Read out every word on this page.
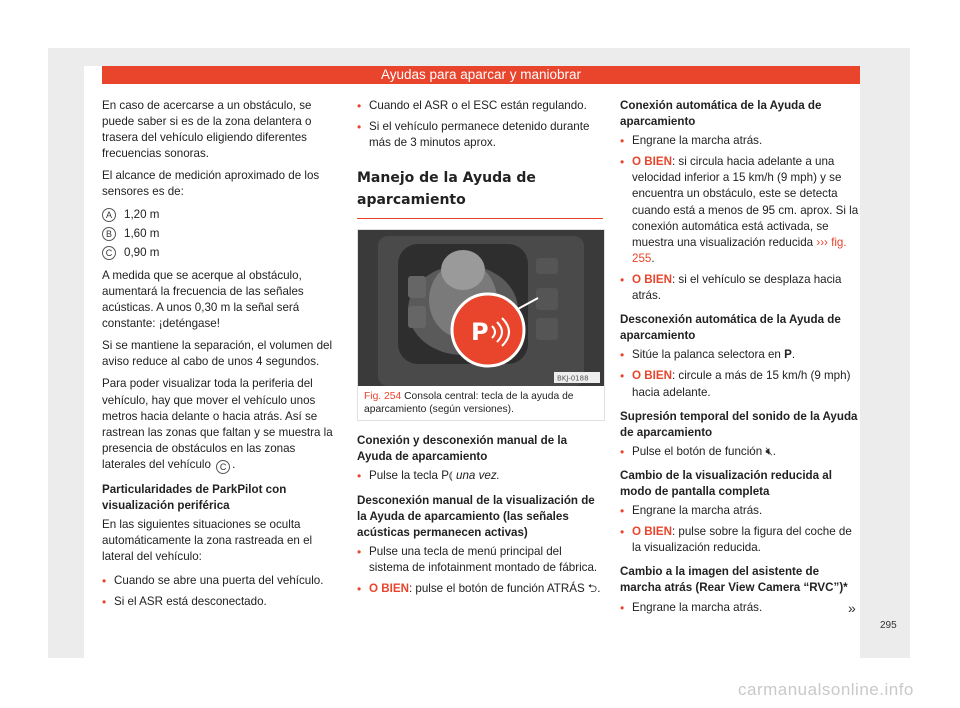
Ayudas para aparcar y maniobrar

En caso de acercarse a un obstáculo, se puede saber si es de la zona delantera o trasera del vehículo eligiendo diferentes frecuencias sonoras.

El alcance de medición aproximado de los sensores es de:

A	1,20 m
B	1,60 m
C	0,90 m

A medida que se acerque al obstáculo, aumentará la frecuencia de las señales acústicas. A unos 0,30 m la señal será constante: ¡deténgase!

Si se mantiene la separación, el volumen del aviso reduce al cabo de unos 4 segundos.

Para poder visualizar toda la periferia del vehículo, hay que mover el vehículo unos metros hacia delante o hacia atrás. Así se rastrean las zonas que faltan y se muestra la presencia de obstáculos en las zonas laterales del vehículo C .

Particularidades de ParkPilot con visualización periférica

En las siguientes situaciones se oculta automáticamente la zona rastreada en el lateral del vehículo:

• Cuando se abre una puerta del vehículo.
• Si el ASR está desconectado.
• Cuando el ASR o el ESC están regulando.
• Si el vehículo permanece detenido durante más de 3 minutos aprox.
Manejo de la Ayuda de aparcamiento
P
BKJ-0188
Fig. 254 Consola central: tecla de la ayuda de aparcamiento (según versiones).
Conexión y desconexión manual de la Ayuda de aparcamiento
• Pulse la tecla P⦅ una vez.
Desconexión manual de la visualización de la Ayuda de aparcamiento (las señales acústicas permanecen activas)
• Pulse una tecla de menú principal del sistema de infotainment montado de fábrica.
• O BIEN: pulse el botón de función ATRÁS ⮌.
Conexión automática de la Ayuda de aparcamiento
• Engrane la marcha atrás.
• O BIEN: si circula hacia adelante a una velocidad inferior a 15 km/h (9 mph) y se encuentra un obstáculo, este se detecta cuando está a menos de 95 cm. aprox. Si la conexión automática está activada, se muestra una visualización reducida ››› fig. 255.
• O BIEN: si el vehículo se desplaza hacia atrás.
Desconexión automática de la Ayuda de aparcamiento
• Sitúe la palanca selectora en P.
• O BIEN: circule a más de 15 km/h (9 mph) hacia adelante.
Supresión temporal del sonido de la Ayuda de aparcamiento
• Pulse el botón de función 🔇︎.
Cambio de la visualización reducida al modo de pantalla completa
• Engrane la marcha atrás.
• O BIEN: pulse sobre la figura del coche de la visualización reducida.
Cambio a la imagen del asistente de marcha atrás (Rear View Camera “RVC”)*
• Engrane la marcha atrás.	»
295
carmanualsonline.info
